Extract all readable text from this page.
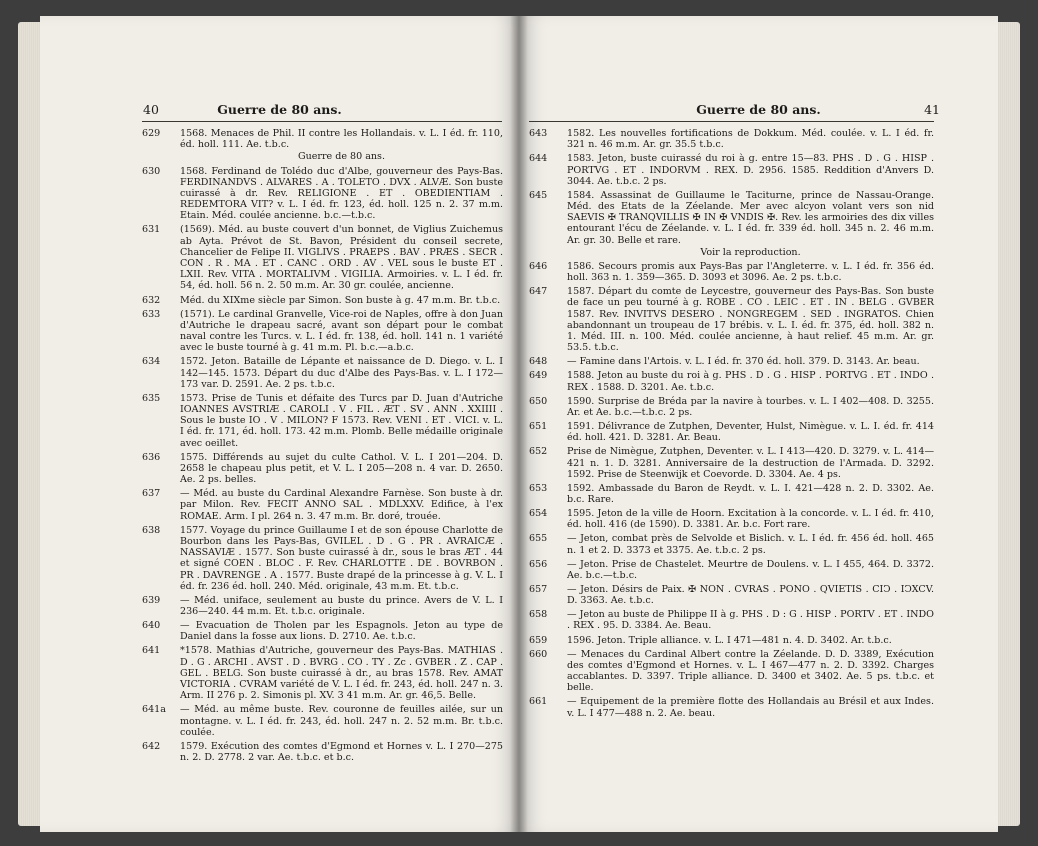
40	Guerre de 80 ans.
629 1568. Menaces de Phil. II contre les Hollandais. v. L. I éd. fr. 110, éd. holl. 111. Ae. t.b.c.
Guerre de 80 ans.
630 1568. Ferdinand de Tolédo duc d'Albe, gouverneur des Pays-Bas. FERDINANDVS . ALVARES . A . TOLETO . DVX . ALVÆ. Son buste cuirassé à dr. Rev. RELIGIONE . ET . OBEDIENTIAM . REDEMTORA VIT? v. L. I éd. fr. 123, éd. holl. 125 n. 2. 37 m.m. Etain. Méd. coulée ancienne. b.c.—t.b.c.
631 (1569). Méd. au buste couvert d'un bonnet, de Viglius Zuichemus ab Ayta. Prévot de St. Bavon, Président du conseil secrete, Chancelier de Felipe II. VIGLIVS . PRAEPS . BAV . PRÆS . SECR . CON . R . MA . ET . CANC . ORD . AV . VEL sous le buste ET . LXII. Rev. VITA . MORTALIVM . VIGILIA. Armoiries. v. L. I éd. fr. 54, éd. holl. 56 n. 2. 50 m.m. Ar. 30 gr. coulée, ancienne.
632 Méd. du XIXme siècle par Simon. Son buste à g. 47 m.m. Br. t.b.c.
633 (1571). Le cardinal Granvelle, Vice-roi de Naples, offre à don Juan d'Autriche le drapeau sacré, avant son départ pour le combat naval contre les Turcs. v. L. I éd. fr. 138, éd. holl. 141 n. 1 variété avec le buste tourné à g. 41 m.m. Pl. b.c.—a.b.c.
634 1572. Jeton. Bataille de Lépante et naissance de D. Diego. v. L. I 142—145. 1573. Départ du duc d'Albe des Pays-Bas. v. L. I 172—173 var. D. 2591. Ae. 2 ps. t.b.c.
635 1573. Prise de Tunis et défaite des Turcs par D. Juan d'Autriche IOANNES AVSTRIÆ . CAROLI . V . FIL . ÆT . SV . ANN . XXIIII . Sous le buste IO . V . MILON? F 1573. Rev. VENI . ET . VICI. v. L. I éd. fr. 171, éd. holl. 173. 42 m.m. Plomb. Belle médaille originale avec oeillet.
636 1575. Différends au sujet du culte Cathol. V. L. I 201—204. D. 2658 le chapeau plus petit, et V. L. I 205—208 n. 4 var. D. 2650. Ae. 2 ps. belles.
637 — Méd. au buste du Cardinal Alexandre Farnèse. Son buste à dr. par Milon. Rev. FECIT ANNO SAL . MDLXXV. Edifice, à l'ex ROMAE. Arm. I pl. 264 n. 3. 47 m.m. Br. doré, trouée.
638 1577. Voyage du prince Guillaume I et de son épouse Charlotte de Bourbon dans les Pays-Bas, GVILEL . D . G . PR . AVRAICÆ . NASSAVIÆ . 1577. Son buste cuirassé à dr., sous le bras ÆT . 44 et signé COEN . BLOC . F. Rev. CHARLOTTE . DE . BOVRBON . PR . DAVRENGE . A . 1577. Buste drapé de la princesse à g. V. L. I éd. fr. 236 éd. holl. 240. Méd. originale, 43 m.m. Et. t.b.c.
639 — Méd. uniface, seulement au buste du prince. Avers de V. L. I 236—240. 44 m.m. Et. t.b.c. originale.
640 — Evacuation de Tholen par les Espagnols. Jeton au type de Daniel dans la fosse aux lions. D. 2710. Ae. t.b.c.
641 *1578. Mathias d'Autriche, gouverneur des Pays-Bas. MATHIAS . D . G . ARCHI . AVST . D . BVRG . CO . TY . Zc . GVBER . Z . CAP . GEL . BELG. Son buste cuirassé à dr., au bras 1578. Rev. AMAT VICTORIA . CVRAM variété de V. L. I éd. fr. 243, éd. holl. 247 n. 3. Arm. II 276 p. 2. Simonis pl. XV. 3 41 m.m. Ar. gr. 46,5. Belle.
641a — Méd. au même buste. Rev. couronne de feuilles ailée, sur un montagne. v. L. I éd. fr. 243, éd. holl. 247 n. 2. 52 m.m. Br. t.b.c. coulée.
642 1579. Exécution des comtes d'Egmond et Hornes v. L. I 270—275 n. 2. D. 2778. 2 var. Ae. t.b.c. et b.c.
Guerre de 80 ans.	41
643 1582. Les nouvelles fortifications de Dokkum. Méd. coulée. v. L. I éd. fr. 321 n. 46 m.m. Ar. gr. 35.5 t.b.c.
644 1583. Jeton, buste cuirassé du roi à g. entre 15—83. PHS . D . G . HISP . PORTVG . ET . INDORVM . REX. D. 2956. 1585. Reddition d'Anvers D. 3044. Ae. t.b.c. 2 ps.
645 1584. Assassinat de Guillaume le Taciturne, prince de Nassau-Orange. Méd. des Etats de la Zéelande. Mer avec alcyon volant vers son nid SAEVIS ✠ TRANQVILLIS ✠ IN ✠ VNDIS ✠. Rev. les armoiries des dix villes entourant l'écu de Zéelande. v. L. I éd. fr. 339 éd. holl. 345 n. 2. 46 m.m. Ar. gr. 30. Belle et rare.
Voir la reproduction.
646 1586. Secours promis aux Pays-Bas par l'Angleterre. v. L. I éd. fr. 356 éd. holl. 363 n. 1. 359—365. D. 3093 et 3096. Ae. 2 ps. t.b.c.
647 1587. Départ du comte de Leycestre, gouverneur des Pays-Bas. Son buste de face un peu tourné à g. ROBE . CO . LEIC . ET . IN . BELG . GVBER 1587. Rev. INVITVS DESERO . NONGREGEM . SED . INGRATOS. Chien abandonnant un troupeau de 17 brébis. v. L. I. éd. fr. 375, éd. holl. 382 n. 1. Méd. III. n. 100. Méd. coulée ancienne, à haut relief. 45 m.m. Ar. gr. 53.5. t.b.c.
648 — Famine dans l'Artois. v. L. I éd. fr. 370 éd. holl. 379. D. 3143. Ar. beau.
649 1588. Jeton au buste du roi à g. PHS . D . G . HISP . PORTVG . ET . INDO . REX . 1588. D. 3201. Ae. t.b.c.
650 1590. Surprise de Bréda par la navire à tourbes. v. L. I 402—408. D. 3255. Ar. et Ae. b.c.—t.b.c. 2 ps.
651 1591. Délivrance de Zutphen, Deventer, Hulst, Nimègue. v. L. I. éd. fr. 414 éd. holl. 421. D. 3281. Ar. Beau.
652 Prise de Nimègue, Zutphen, Deventer. v. L. I 413—420. D. 3279. v. L. 414—421 n. 1. D. 3281. Anniversaire de la destruction de l'Armada. D. 3292. 1592. Prise de Steenwijk et Coevorde. D. 3304. Ae. 4 ps.
653 1592. Ambassade du Baron de Reydt. v. L. I. 421—428 n. 2. D. 3302. Ae. b.c. Rare.
654 1595. Jeton de la ville de Hoorn. Excitation à la concorde. v. L. I éd. fr. 410, éd. holl. 416 (de 1590). D. 3381. Ar. b.c. Fort rare.
655 — Jeton, combat près de Selvolde et Bislich. v. L. I éd. fr. 456 éd. holl. 465 n. 1 et 2. D. 3373 et 3375. Ae. t.b.c. 2 ps.
656 — Jeton. Prise de Chastelet. Meurtre de Doulens. v. L. I 455, 464. D. 3372. Ae. b.c.—t.b.c.
657 — Jeton. Désirs de Paix. ✠ NON . CVRAS . PONO . QVIETIS . CIↃ . IↃXCV. D. 3363. Ae. t.b.c.
658 — Jeton au buste de Philippe II à g. PHS . D : G . HISP . PORTV . ET . INDO . REX . 95. D. 3384. Ae. Beau.
659 1596. Jeton. Triple alliance. v. L. I 471—481 n. 4. D. 3402. Ar. t.b.c.
660 — Menaces du Cardinal Albert contre la Zéelande. D. D. 3389, Exécution des comtes d'Egmond et Hornes. v. L. I 467—477 n. 2. D. 3392. Charges accablantes. D. 3397. Triple alliance. D. 3400 et 3402. Ae. 5 ps. t.b.c. et belle.
661 — Equipement de la première flotte des Hollandais au Brésil et aux Indes. v. L. I 477—488 n. 2. Ae. beau.
